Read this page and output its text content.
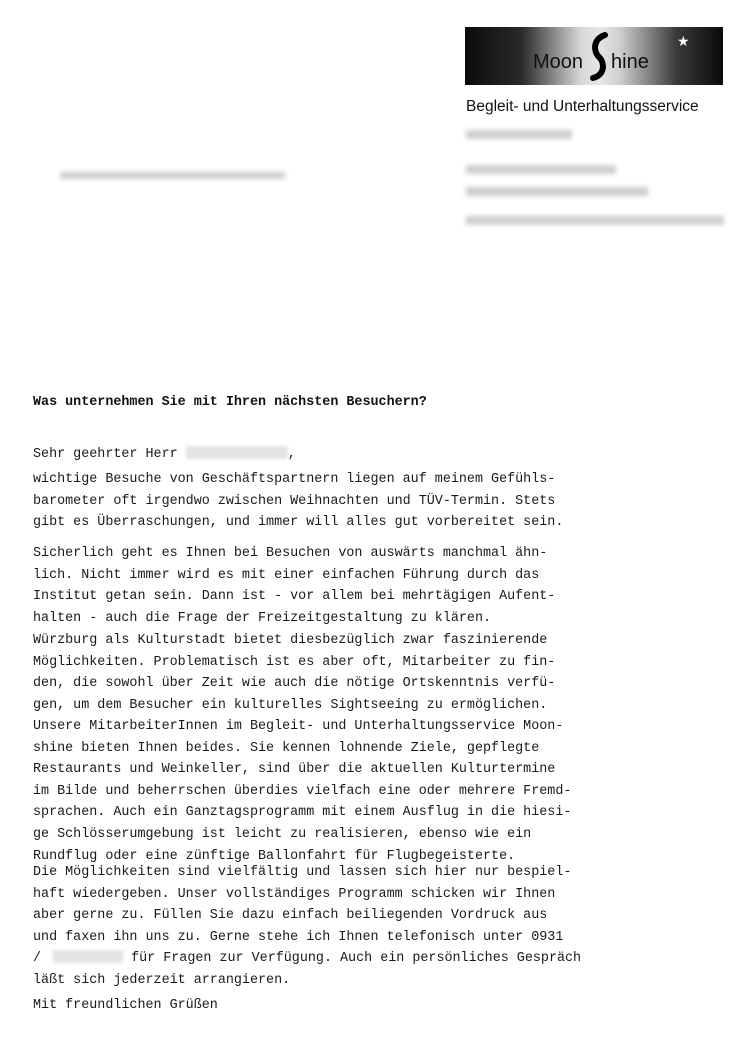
Moon hine
★
Begleit- und Unterhaltungsservice
Was unternehmen Sie mit Ihren nächsten Besuchern?
Sehr geehrter Herr	,
wichtige Besuche von Geschäftspartnern liegen auf meinem Gefühls-
barometer oft irgendwo zwischen Weihnachten und TÜV-Termin. Stets
gibt es Überraschungen, und immer will alles gut vorbereitet sein.
Sicherlich geht es Ihnen bei Besuchen von auswärts manchmal ähn-
lich. Nicht immer wird es mit einer einfachen Führung durch das
Institut getan sein. Dann ist - vor allem bei mehrtägigen Aufent-
halten - auch die Frage der Freizeitgestaltung zu klären.
Würzburg als Kulturstadt bietet diesbezüglich zwar faszinierende
Möglichkeiten. Problematisch ist es aber oft, Mitarbeiter zu fin-
den, die sowohl über Zeit wie auch die nötige Ortskenntnis verfü-
gen, um dem Besucher ein kulturelles Sightseeing zu ermöglichen.
Unsere MitarbeiterInnen im Begleit- und Unterhaltungsservice Moon-
shine bieten Ihnen beides. Sie kennen lohnende Ziele, gepflegte
Restaurants und Weinkeller, sind über die aktuellen Kulturtermine
im Bilde und beherrschen überdies vielfach eine oder mehrere Fremd-
sprachen. Auch ein Ganztagsprogramm mit einem Ausflug in die hiesi-
ge Schlösserumgebung ist leicht zu realisieren, ebenso wie ein
Rundflug oder eine zünftige Ballonfahrt für Flugbegeisterte.
Die Möglichkeiten sind vielfältig und lassen sich hier nur bespiel-
haft wiedergeben. Unser vollständiges Programm schicken wir Ihnen
aber gerne zu. Füllen Sie dazu einfach beiliegenden Vordruck aus
und faxen ihn uns zu. Gerne stehe ich Ihnen telefonisch unter 0931
/	für Fragen zur Verfügung. Auch ein persönliches Gespräch
läßt sich jederzeit arrangieren.
Mit freundlichen Grüßen
